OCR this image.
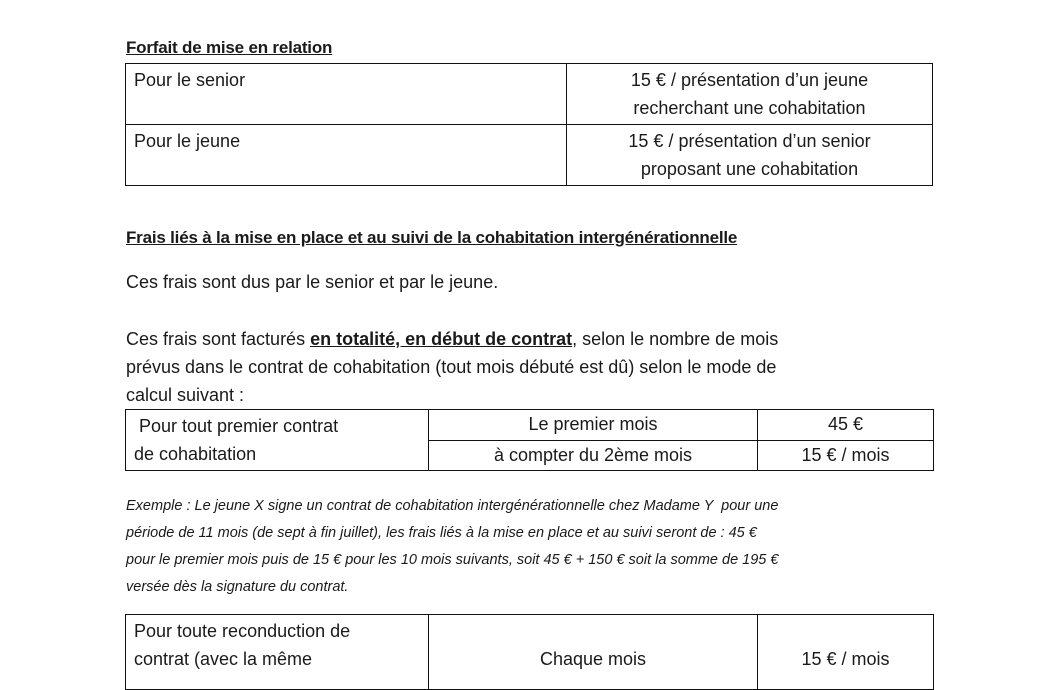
Forfait de mise en relation
Pour le senior	15 € / présentation d’un jeune
recherchant une cohabitation

Pour le jeune	15 € / présentation d’un senior
proposant une cohabitation
Frais liés à la mise en place et au suivi de la cohabitation intergénérationnelle
Ces frais sont dus par le senior et par le jeune.
Ces frais sont facturés en totalité, en début de contrat, selon le nombre de mois
prévus dans le contrat de cohabitation (tout mois débuté est dû) selon le mode de
calcul suivant :
Pour tout premier contrat
de cohabitation	Le premier mois	45 €
	à compter du 2ème mois	15 € / mois
Exemple : Le jeune X signe un contrat de cohabitation intergénérationnelle chez Madame Y  pour une
période de 11 mois (de sept à fin juillet), les frais liés à la mise en place et au suivi seront de : 45 €
pour le premier mois puis de 15 € pour les 10 mois suivants, soit 45 € + 150 € soit la somme de 195 €
versée dès la signature du contrat.
Pour toute reconduction de
contrat (avec la même	Chaque mois	15 € / mois
